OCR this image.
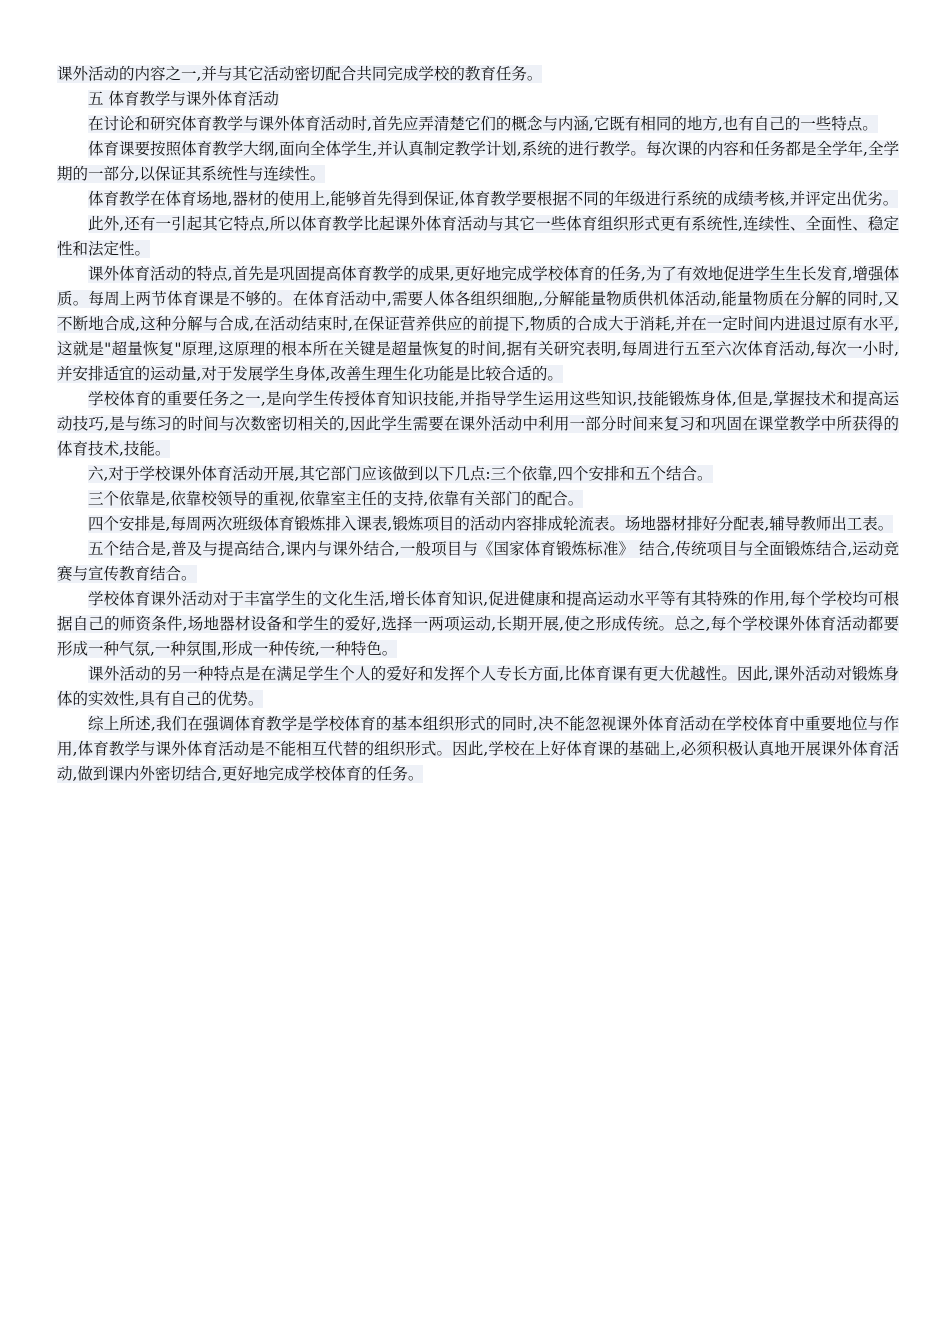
课外活动的内容之一,并与其它活动密切配合共同完成学校的教育任务。

五 体育教学与课外体育活动

在讨论和研究体育教学与课外体育活动时,首先应弄清楚它们的概念与内涵,它既有相同的地方,也有自己的一些特点。

体育课要按照体育教学大纲,面向全体学生,并认真制定教学计划,系统的进行教学。每次课的内容和任务都是全学年,全学期的一部分,以保证其系统性与连续性。

体育教学在体育场地,器材的使用上,能够首先得到保证,体育教学要根据不同的年级进行系统的成绩考核,并评定出优劣。

此外,还有一引起其它特点,所以体育教学比起课外体育活动与其它一些体育组织形式更有系统性,连续性、全面性、稳定性和法定性。

课外体育活动的特点,首先是巩固提高体育教学的成果,更好地完成学校体育的任务,为了有效地促进学生生长发育,增强体质。每周上两节体育课是不够的。在体育活动中,需要人体各组织细胞,,分解能量物质供机体活动,能量物质在分解的同时,又不断地合成,这种分解与合成,在活动结束时,在保证营养供应的前提下,物质的合成大于消耗,并在一定时间内进退过原有水平,这就是"超量恢复"原理,这原理的根本所在关键是超量恢复的时间,据有关研究表明,每周进行五至六次体育活动,每次一小时,并安排适宜的运动量,对于发展学生身体,改善生理生化功能是比较合适的。

学校体育的重要任务之一,是向学生传授体育知识技能,并指导学生运用这些知识,技能锻炼身体,但是,掌握技术和提高运动技巧,是与练习的时间与次数密切相关的,因此学生需要在课外活动中利用一部分时间来复习和巩固在课堂教学中所获得的体育技术,技能。

六,对于学校课外体育活动开展,其它部门应该做到以下几点:三个依靠,四个安排和五个结合。

三个依靠是,依靠校领导的重视,依靠室主任的支持,依靠有关部门的配合。

四个安排是,每周两次班级体育锻炼排入课表,锻炼项目的活动内容排成轮流表。场地器材排好分配表,辅导教师出工表。

五个结合是,普及与提高结合,课内与课外结合,一般项目与《国家体育锻炼标准》 结合,传统项目与全面锻炼结合,运动竞赛与宣传教育结合。

学校体育课外活动对于丰富学生的文化生活,增长体育知识,促进健康和提高运动水平等有其特殊的作用,每个学校均可根据自己的师资条件,场地器材设备和学生的爱好,选择一两项运动,长期开展,使之形成传统。总之,每个学校课外体育活动都要形成一种气氛,一种氛围,形成一种传统,一种特色。

课外活动的另一种特点是在满足学生个人的爱好和发挥个人专长方面,比体育课有更大优越性。因此,课外活动对锻炼身体的实效性,具有自己的优势。

综上所述,我们在强调体育教学是学校体育的基本组织形式的同时,决不能忽视课外体育活动在学校体育中重要地位与作用,体育教学与课外体育活动是不能相互代替的组织形式。因此,学校在上好体育课的基础上,必须积极认真地开展课外体育活动,做到课内外密切结合,更好地完成学校体育的任务。
